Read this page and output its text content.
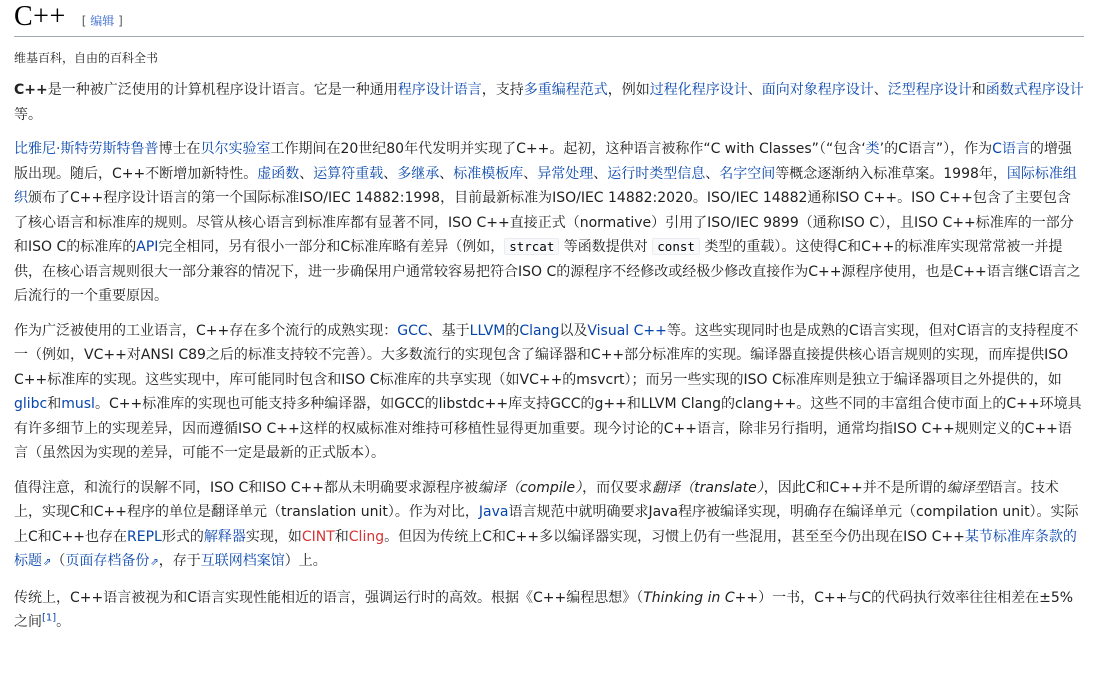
C++ [ 编辑 ]
维基百科，自由的百科全书

C++是一种被广泛使用的计算机程序设计语言。它是一种通用程序设计语言，支持多重编程范式，例如过程化程序设计、面向对象程序设计、泛型程序设计和函数式程序设计等。

比雅尼·斯特劳斯特鲁普博士在贝尔实验室工作期间在20世纪80年代发明并实现了C++。起初，这种语言被称作“C with Classes”（“包含‘类’的C语言”），作为C语言的增强版出现。随后，C++不断增加新特性。虚函数、运算符重载、多继承、标准模板库、异常处理、运行时类型信息、名字空间等概念逐渐纳入标准草案。1998年，国际标准组织颁布了C++程序设计语言的第一个国际标准ISO/IEC 14882:1998，目前最新标准为ISO/IEC 14882:2020。ISO/IEC 14882通称ISO C++。ISO C++包含了主要包含了核心语言和标准库的规则。尽管从核心语言到标准库都有显著不同，ISO C++直接正式（normative）引用了ISO/IEC 9899（通称ISO C），且ISO C++标准库的一部分和ISO C的标准库的API完全相同，另有很小一部分和C标准库略有差异（例如， strcat 等函数提供对 const 类型的重载）。这使得C和C++的标准库实现常常被一并提供，在核心语言规则很大一部分兼容的情况下，进一步确保用户通常较容易把符合ISO C的源程序不经修改或经极少修改直接作为C++源程序使用，也是C++语言继C语言之后流行的一个重要原因。

作为广泛被使用的工业语言，C++存在多个流行的成熟实现：GCC、基于LLVM的Clang以及Visual C++等。这些实现同时也是成熟的C语言实现，但对C语言的支持程度不一（例如，VC++对ANSI C89之后的标准支持较不完善）。大多数流行的实现包含了编译器和C++部分标准库的实现。编译器直接提供核心语言规则的实现，而库提供ISO C++标准库的实现。这些实现中，库可能同时包含和ISO C标准库的共享实现（如VC++的msvcrt）；而另一些实现的ISO C标准库则是独立于编译器项目之外提供的，如glibc和musl。C++标准库的实现也可能支持多种编译器，如GCC的libstdc++库支持GCC的g++和LLVM Clang的clang++。这些不同的丰富组合使市面上的C++环境具有许多细节上的实现差异，因而遵循ISO C++这样的权威标准对维持可移植性显得更加重要。现今讨论的C++语言，除非另行指明，通常均指ISO C++规则定义的C++语言（虽然因为实现的差异，可能不一定是最新的正式版本）。

值得注意，和流行的误解不同，ISO C和ISO C++都从未明确要求源程序被编译（compile），而仅要求翻译（translate），因此C和C++并不是所谓的编译型语言。技术上，实现C和C++程序的单位是翻译单元（translation unit）。作为对比，Java语言规范中就明确要求Java程序被编译实现，明确存在编译单元（compilation unit）。实际上C和C++也存在REPL形式的解释器实现，如CINT和Cling。但因为传统上C和C++多以编译器实现，习惯上仍有一些混用，甚至至今仍出现在ISO C++某节标准库条款的标题⇗（页面存档备份⇗，存于互联网档案馆）上。

传统上，C++语言被视为和C语言实现性能相近的语言，强调运行时的高效。根据《C++编程思想》（Thinking in C++）一书，C++与C的代码执行效率往往相差在±5%之间[1]。
